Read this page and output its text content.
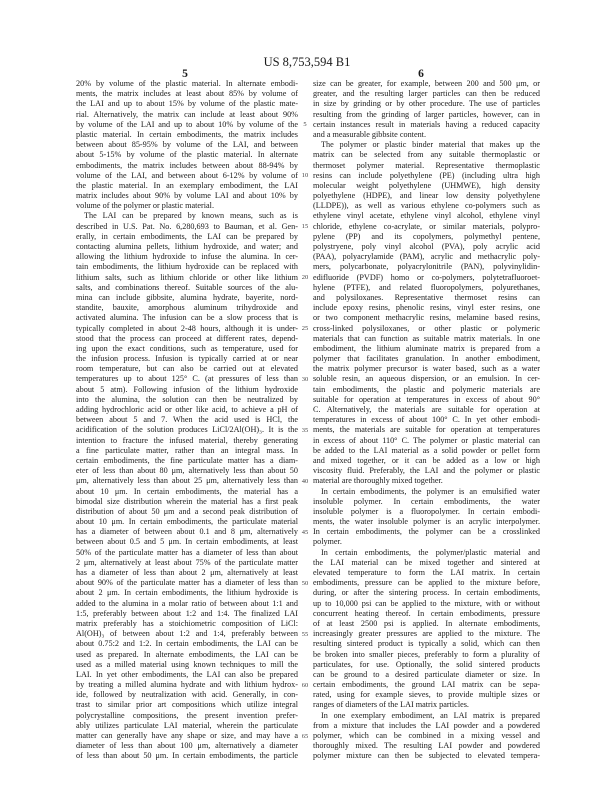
US 8,753,594 B1
5	6
20% by volume of the plastic material. In alternate embodi-
ments, the matrix includes at least about 85% by volume of
the LAI and up to about 15% by volume of the plastic mate-
rial. Alternatively, the matrix can include at least about 90%
by volume of the LAI and up to about 10% by volume of the
plastic material. In certain embodiments, the matrix includes
between about 85-95% by volume of the LAI, and between
about 5-15% by volume of the plastic material. In alternate
embodiments, the matrix includes between about 88-94% by
volume of the LAI, and between about 6-12% by volume of
the plastic material. In an exemplary embodiment, the LAI
matrix includes about 90% by volume LAI and about 10% by
volume of the polymer or plastic material.
The LAI can be prepared by known means, such as is
described in U.S. Pat. No. 6,280,693 to Bauman, et al. Gen-
erally, in certain embodiments, the LAI can be prepared by
contacting alumina pellets, lithium hydroxide, and water; and
allowing the lithium hydroxide to infuse the alumina. In cer-
tain embodiments, the lithium hydroxide can be replaced with
lithium salts, such as lithium chloride or other like lithium
salts, and combinations thereof. Suitable sources of the alu-
mina can include gibbsite, alumina hydrate, bayerite, nord-
standite, bauxite, amorphous aluminum trihydroxide and
activated alumina. The infusion can be a slow process that is
typically completed in about 2-48 hours, although it is under-
stood that the process can proceed at different rates, depend-
ing upon the exact conditions, such as temperature, used for
the infusion process. Infusion is typically carried at or near
room temperature, but can also be carried out at elevated
temperatures up to about 125° C. (at pressures of less than
about 5 atm). Following infusion of the lithium hydroxide
into the alumina, the solution can then be neutralized by
adding hydrochloric acid or other like acid, to achieve a pH of
between about 5 and 7. When the acid used is HCl, the
acidification of the solution produces LiCl/2Al(OH)₃. It is the
intention to fracture the infused material, thereby generating
a fine particulate matter, rather than an integral mass. In
certain embodiments, the fine particulate matter has a diam-
eter of less than about 80 μm, alternatively less than about 50
μm, alternatively less than about 25 μm, alternatively less than
about 10 μm. In certain embodiments, the material has a
bimodal size distribution wherein the material has a first peak
distribution of about 50 μm and a second peak distribution of
about 10 μm. In certain embodiments, the particulate material
has a diameter of between about 0.1 and 8 μm, alternatively
between about 0.5 and 5 μm. In certain embodiments, at least
50% of the particulate matter has a diameter of less than about
2 μm, alternatively at least about 75% of the particulate matter
has a diameter of less than about 2 μm, alternatively at least
about 90% of the particulate matter has a diameter of less than
about 2 μm. In certain embodiments, the lithium hydroxide is
added to the alumina in a molar ratio of between about 1:1 and
1:5, preferably between about 1:2 and 1:4. The finalized LAI
matrix preferably has a stoichiometric composition of LiCl:
Al(OH)₃ of between about 1:2 and 1:4, preferably between
about 0.75:2 and 1:2. In certain embodiments, the LAI can be
used as prepared. In alternate embodiments, the LAI can be
used as a milled material using known techniques to mill the
LAI. In yet other embodiments, the LAI can also be prepared
by treating a milled alumina hydrate and with lithium hydrox-
ide, followed by neutralization with acid. Generally, in con-
trast to similar prior art compositions which utilize integral
polycrystalline compositions, the present invention prefer-
ably utilizes particulate LAI material, wherein the particulate
matter can generally have any shape or size, and may have a
diameter of less than about 100 μm, alternatively a diameter
of less than about 50 μm. In certain embodiments, the particle
5
10
15
20
25
30
35
40
45
50
55
60
65
size can be greater, for example, between 200 and 500 μm, or
greater, and the resulting larger particles can then be reduced
in size by grinding or by other procedure. The use of particles
resulting from the grinding of larger particles, however, can in
certain instances result in materials having a reduced capacity
and a measurable gibbsite content.
The polymer or plastic binder material that makes up the
matrix can be selected from any suitable thermoplastic or
thermoset polymer material. Representative thermoplastic
resins can include polyethylene (PE) (including ultra high
molecular weight polyethylene (UHMWE), high density
polyethylene (HDPE), and linear low density polyethylene
(LLDPE)), as well as various ethylene co-polymers such as
ethylene vinyl acetate, ethylene vinyl alcohol, ethylene vinyl
chloride, ethylene co-acrylate, or similar materials, polypro-
pylene (PP) and its copolymers, polymethyl pentene,
polystryene, poly vinyl alcohol (PVA), poly acrylic acid
(PAA), polyacrylamide (PAM), acrylic and methacrylic poly-
mers, polycarbonate, polyacrylonitrile (PAN), polyvinylidin-
edifluoride (PVDF) homo or co-polymers, polytetrafluoroet-
hylene (PTFE), and related fluoropolymers, polyurethanes,
and polysiloxanes. Representative thermoset resins can
include epoxy resins, phenolic resins, vinyl ester resins, one
or two component methacrylic resins, melamine based resins,
cross-linked polysiloxanes, or other plastic or polymeric
materials that can function as suitable matrix materials. In one
embodiment, the lithium aluminate matrix is prepared from a
polymer that facilitates granulation. In another embodiment,
the matrix polymer precursor is water based, such as a water
soluble resin, an aqueous dispersion, or an emulsion. In cer-
tain embodiments, the plastic and polymeric materials are
suitable for operation at temperatures in excess of about 90°
C. Alternatively, the materials are suitable for operation at
temperatures in excess of about 100° C. In yet other embodi-
ments, the materials are suitable for operation at temperatures
in excess of about 110° C. The polymer or plastic material can
be added to the LAI material as a solid powder or pellet form
and mixed together, or it can be added as a low or high
viscosity fluid. Preferably, the LAI and the polymer or plastic
material are thoroughly mixed together.
In certain embodiments, the polymer is an emulsified water
insoluble polymer. In certain embodiments, the water
insoluble polymer is a fluoropolymer. In certain embodi-
ments, the water insoluble polymer is an acrylic interpolymer.
In certain embodiments, the polymer can be a crosslinked
polymer.
In certain embodiments, the polymer/plastic material and
the LAI material can be mixed together and sintered at
elevated temperature to form the LAI matrix. In certain
embodiments, pressure can be applied to the mixture before,
during, or after the sintering process. In certain embodiments,
up to 10,000 psi can be applied to the mixture, with or without
concurrent heating thereof. In certain embodiments, pressure
of at least 2500 psi is applied. In alternate embodiments,
increasingly greater pressures are applied to the mixture. The
resulting sintered product is typically a solid, which can then
be broken into smaller pieces, preferably to form a plurality of
particulates, for use. Optionally, the solid sintered products
can be ground to a desired particulate diameter or size. In
certain embodiments, the ground LAI matrix can be sepa-
rated, using for example sieves, to provide multiple sizes or
ranges of diameters of the LAI matrix particles.
In one exemplary embodiment, an LAI matrix is prepared
from a mixture that includes the LAI powder and a powdered
polymer, which can be combined in a mixing vessel and
thoroughly mixed. The resulting LAI powder and powdered
polymer mixture can then be subjected to elevated tempera-
